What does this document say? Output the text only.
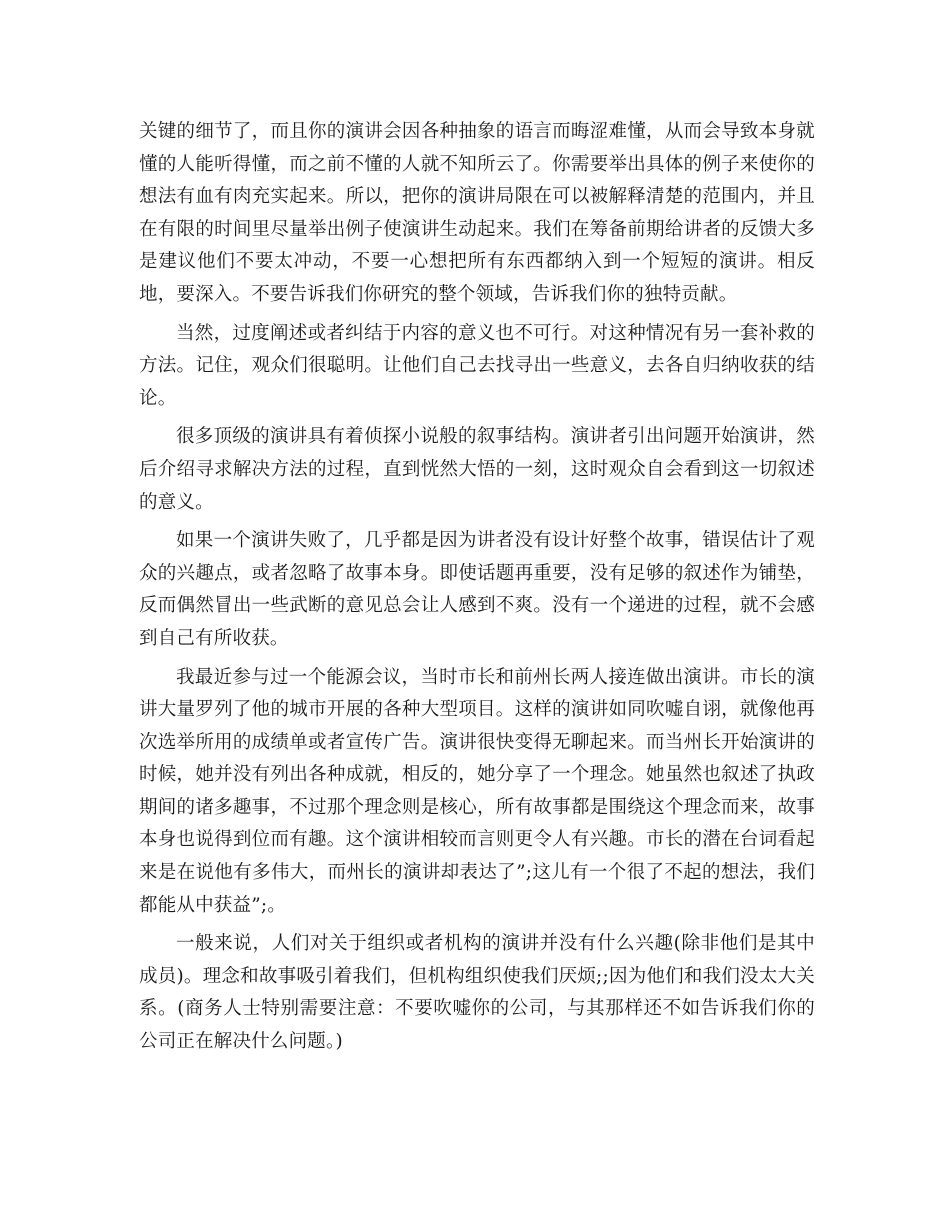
关键的细节了，而且你的演讲会因各种抽象的语言而晦涩难懂，从而会导致本身就懂的人能听得懂，而之前不懂的人就不知所云了。你需要举出具体的例子来使你的想法有血有肉充实起来。所以，把你的演讲局限在可以被解释清楚的范围内，并且在有限的时间里尽量举出例子使演讲生动起来。我们在筹备前期给讲者的反馈大多是建议他们不要太冲动，不要一心想把所有东西都纳入到一个短短的演讲。相反地，要深入。不要告诉我们你研究的整个领域，告诉我们你的独特贡献。

当然，过度阐述或者纠结于内容的意义也不可行。对这种情况有另一套补救的方法。记住，观众们很聪明。让他们自己去找寻出一些意义，去各自归纳收获的结论。

很多顶级的演讲具有着侦探小说般的叙事结构。演讲者引出问题开始演讲，然后介绍寻求解决方法的过程，直到恍然大悟的一刻，这时观众自会看到这一切叙述的意义。

如果一个演讲失败了，几乎都是因为讲者没有设计好整个故事，错误估计了观众的兴趣点，或者忽略了故事本身。即使话题再重要，没有足够的叙述作为铺垫，反而偶然冒出一些武断的意见总会让人感到不爽。没有一个递进的过程，就不会感到自己有所收获。

我最近参与过一个能源会议，当时市长和前州长两人接连做出演讲。市长的演讲大量罗列了他的城市开展的各种大型项目。这样的演讲如同吹嘘自诩，就像他再次选举所用的成绩单或者宣传广告。演讲很快变得无聊起来。而当州长开始演讲的时候，她并没有列出各种成就，相反的，她分享了一个理念。她虽然也叙述了执政期间的诸多趣事，不过那个理念则是核心，所有故事都是围绕这个理念而来，故事本身也说得到位而有趣。这个演讲相较而言则更令人有兴趣。市长的潜在台词看起来是在说他有多伟大，而州长的演讲却表达了”;这儿有一个很了不起的想法，我们都能从中获益”;。

一般来说，人们对关于组织或者机构的演讲并没有什么兴趣(除非他们是其中成员)。理念和故事吸引着我们，但机构组织使我们厌烦;;因为他们和我们没太大关系。(商务人士特别需要注意：不要吹嘘你的公司，与其那样还不如告诉我们你的公司正在解决什么问题。)
